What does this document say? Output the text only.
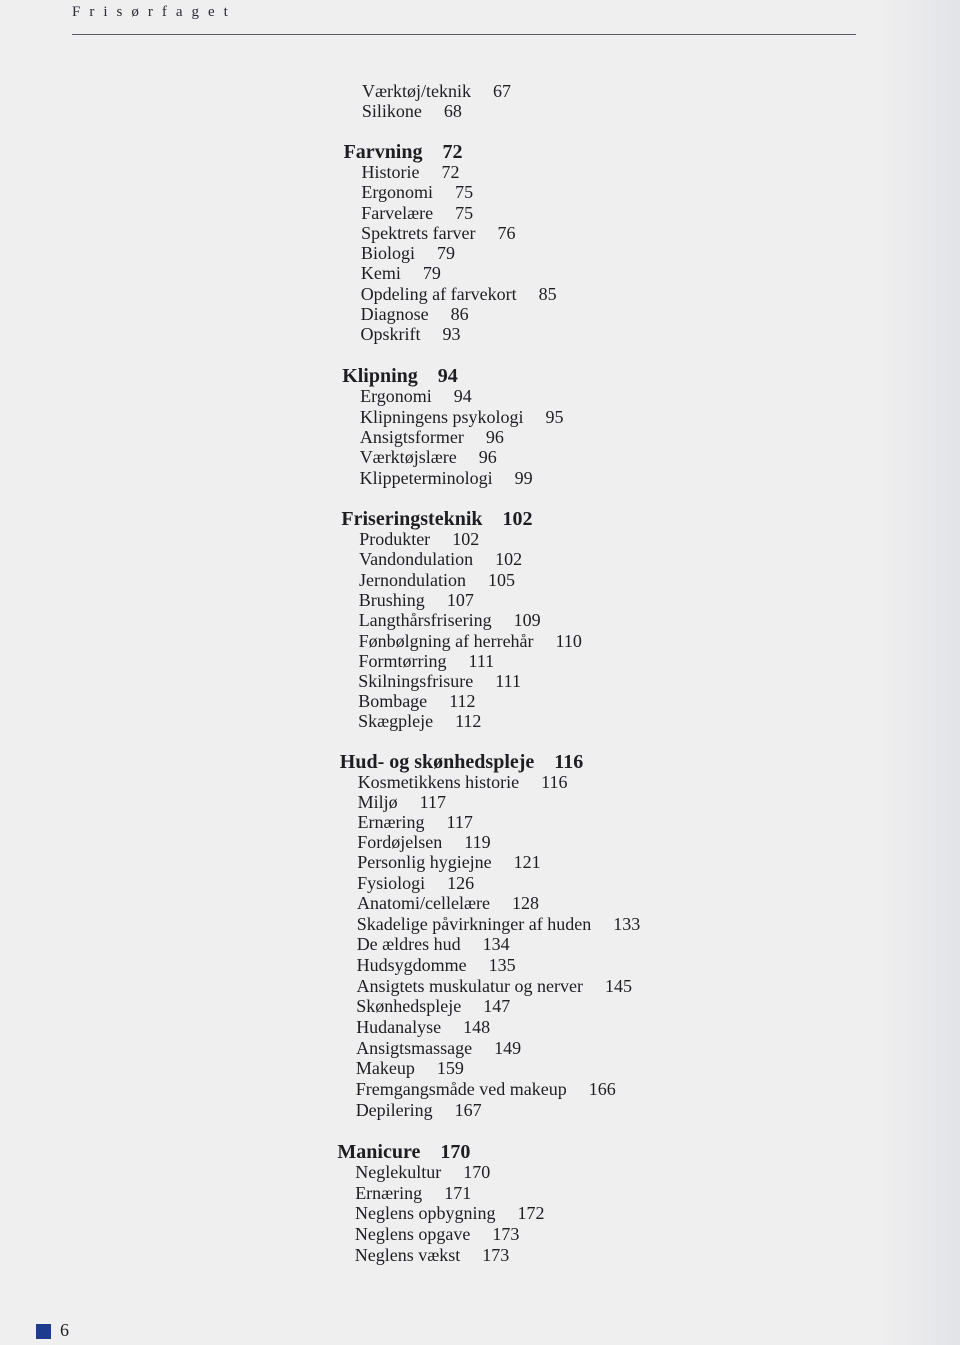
Frisørfaget
Værktøj/teknik 67
Silikone 68
Farvning 72
Historie 72
Ergonomi 75
Farvelære 75
Spektrets farver 76
Biologi 79
Kemi 79
Opdeling af farvekort 85
Diagnose 86
Opskrift 93
Klipning 94
Ergonomi 94
Klipningens psykologi 95
Ansigtsformer 96
Værktøjslære 96
Klippeterminologi 99
Friseringsteknik 102
Produkter 102
Vandondulation 102
Jernondulation 105
Brushing 107
Langthårsfrisering 109
Fønbølgning af herrehår 110
Formtørring 111
Skilningsfrisure 111
Bombage 112
Skægpleje 112
Hud- og skønhedspleje 116
Kosmetikkens historie 116
Miljø 117
Ernæring 117
Fordøjelsen 119
Personlig hygiejne 121
Fysiologi 126
Anatomi/cellelære 128
Skadelige påvirkninger af huden 133
De ældres hud 134
Hudsygdomme 135
Ansigtets muskulatur og nerver 145
Skønhedspleje 147
Hudanalyse 148
Ansigtsmassage 149
Makeup 159
Fremgangsmåde ved makeup 166
Depilering 167
Manicure 170
Neglekultur 170
Ernæring 171
Neglens opbygning 172
Neglens opgave 173
Neglens vækst 173
6
